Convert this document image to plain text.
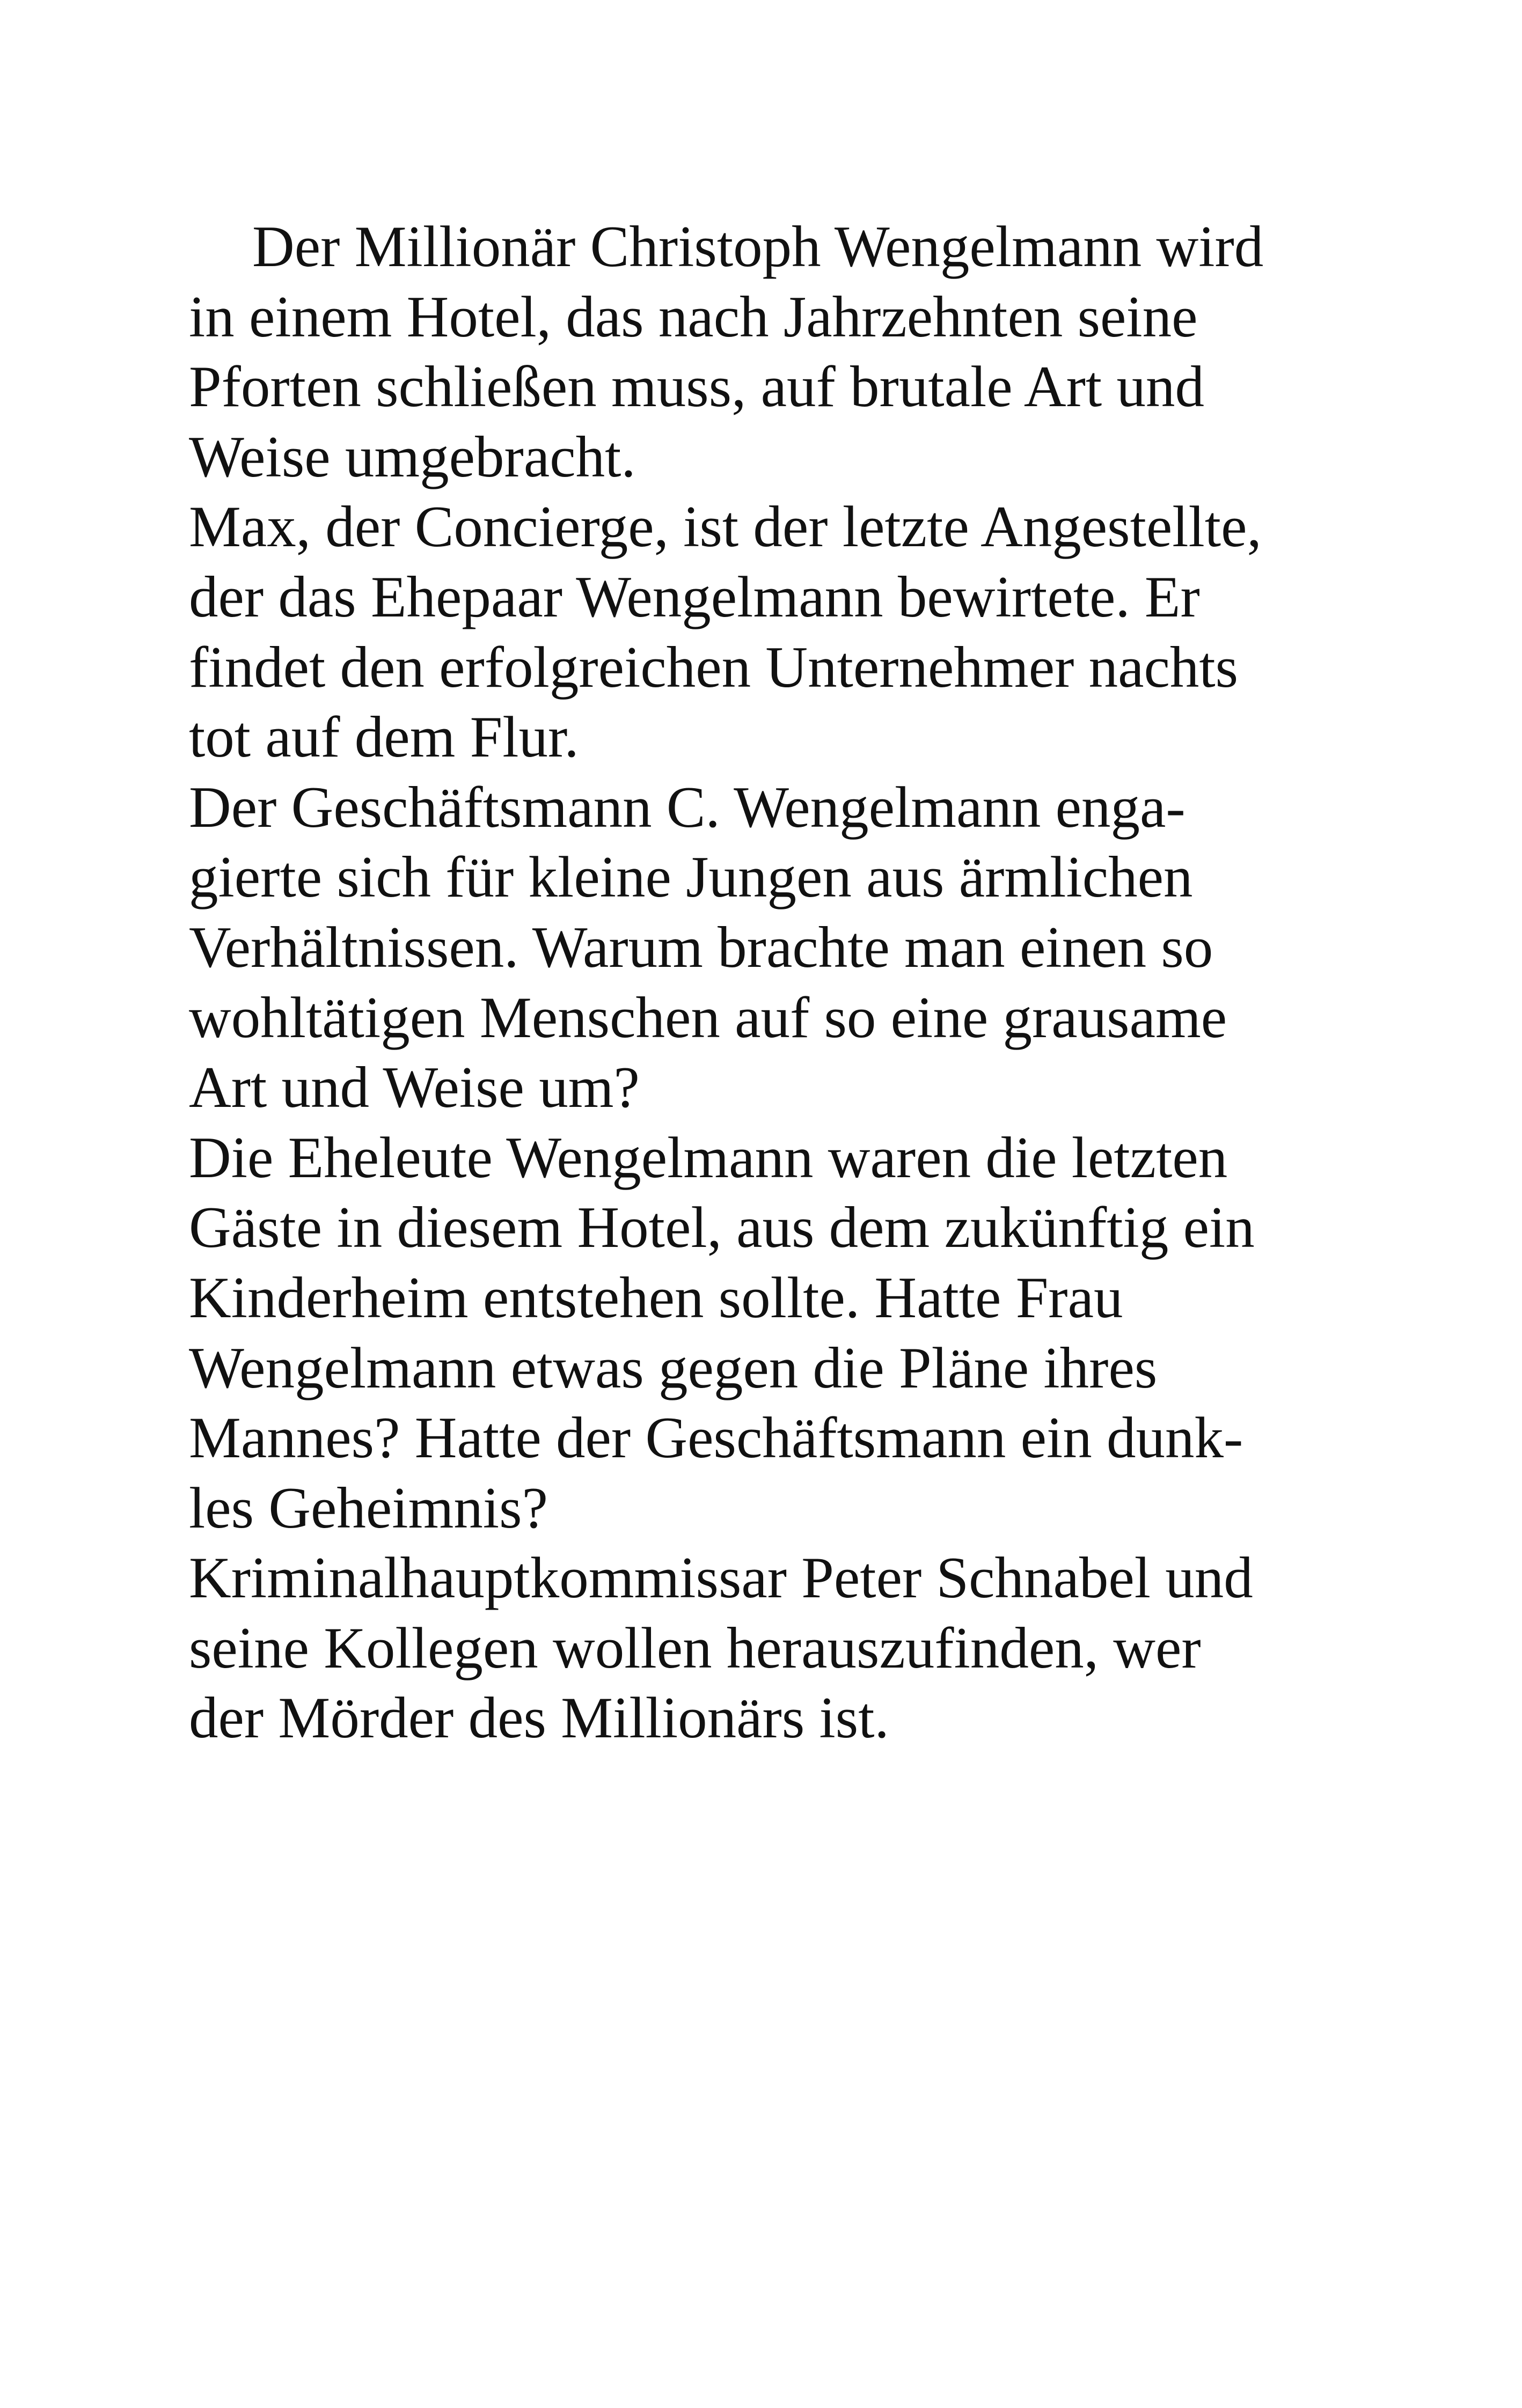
Der Millionär Christoph Wengelmann wird
in einem Hotel, das nach Jahrzehnten seine
Pforten schließen muss, auf brutale Art und
Weise umgebracht.
Max, der Concierge, ist der letzte Angestellte,
der das Ehepaar Wengelmann bewirtete. Er
findet den erfolgreichen Unternehmer nachts
tot auf dem Flur.
Der Geschäftsmann C. Wengelmann enga-
gierte sich für kleine Jungen aus ärmlichen
Verhältnissen. Warum brachte man einen so
wohltätigen Menschen auf so eine grausame
Art und Weise um?
Die Eheleute Wengelmann waren die letzten
Gäste in diesem Hotel, aus dem zukünftig ein
Kinderheim entstehen sollte. Hatte Frau
Wengelmann etwas gegen die Pläne ihres
Mannes? Hatte der Geschäftsmann ein dunk-
les Geheimnis?
Kriminalhauptkommissar Peter Schnabel und
seine Kollegen wollen herauszufinden, wer
der Mörder des Millionärs ist.
